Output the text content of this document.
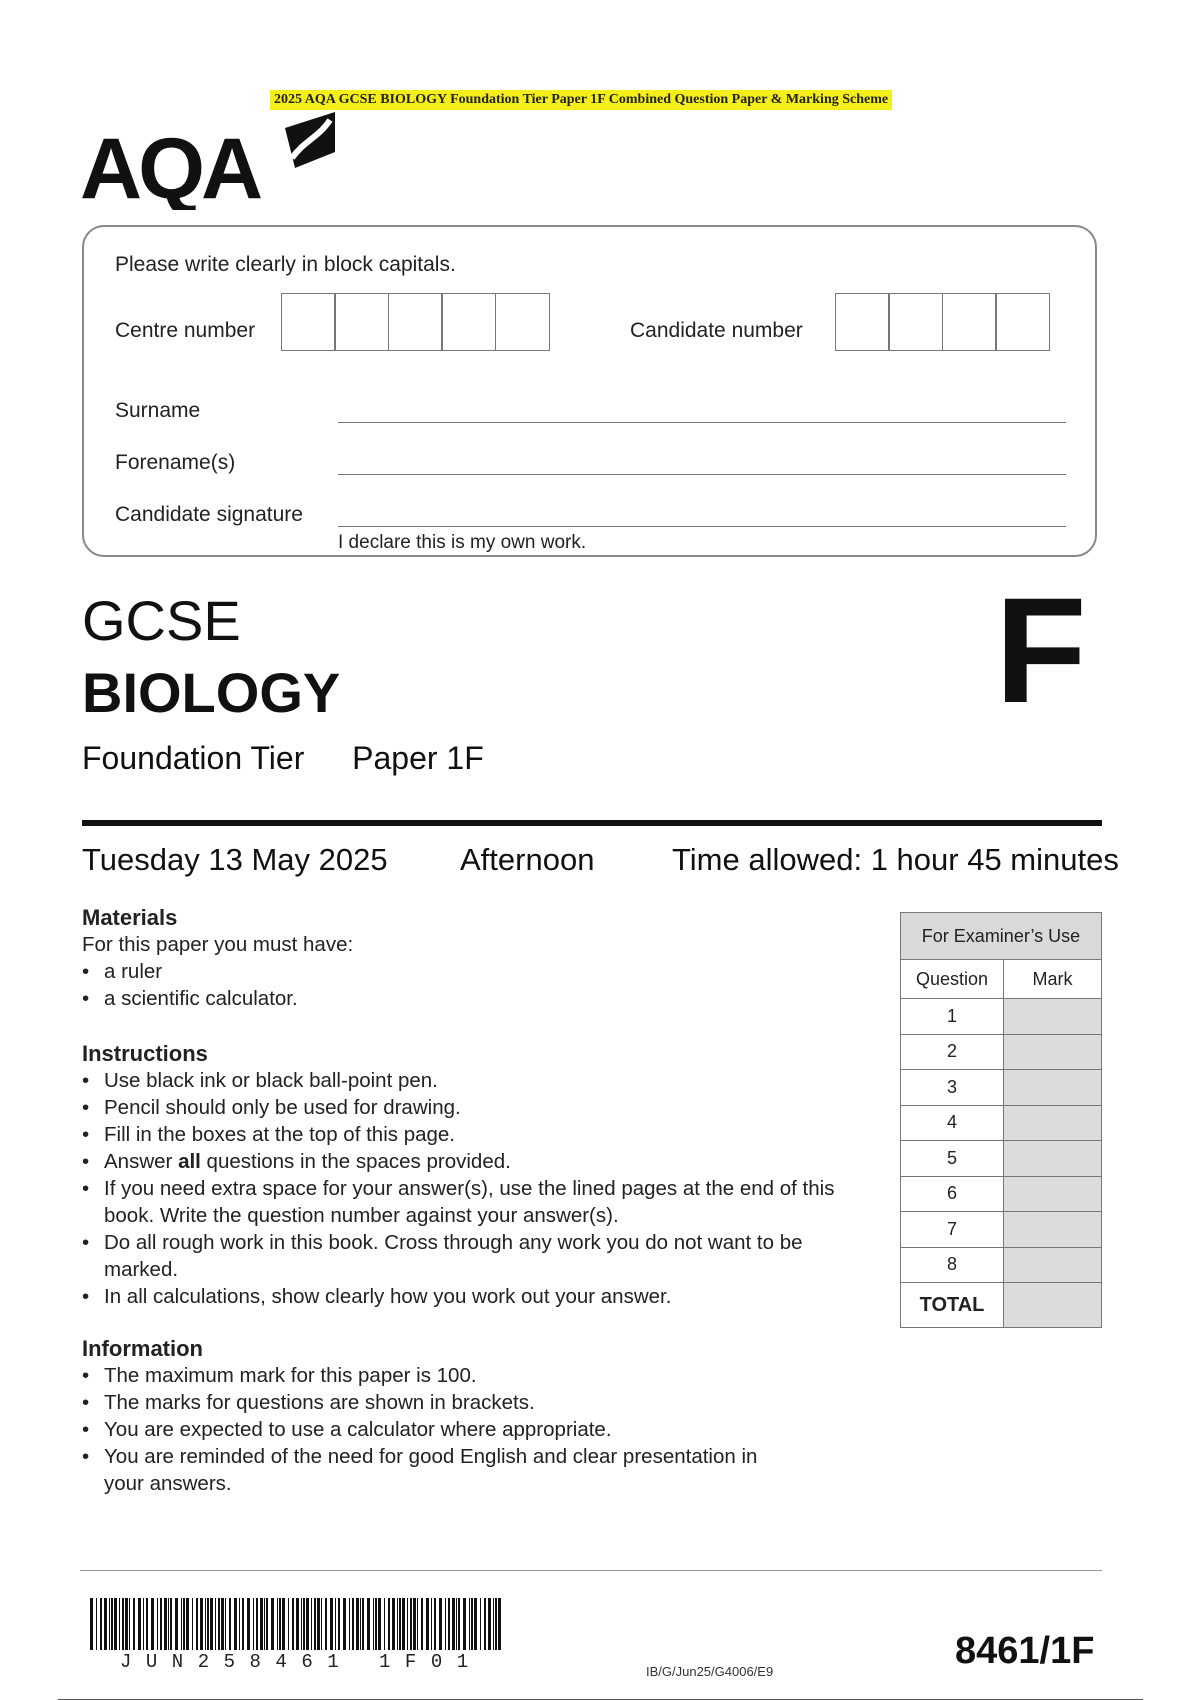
2025 AQA GCSE BIOLOGY Foundation Tier Paper 1F Combined Question Paper & Marking Scheme
AQA
Please write clearly in block capitals.
Centre number	Candidate number
Surname
Forename(s)
Candidate signature
I declare this is my own work.
GCSE
BIOLOGY
Foundation Tier Paper 1F
F
Tuesday 13 May 2025 Afternoon	Time allowed: 1 hour 45 minutes
Materials
For this paper you must have:
• a ruler
• a scientific calculator.
Instructions
• Use black ink or black ball-point pen.
• Pencil should only be used for drawing.
• Fill in the boxes at the top of this page.
• Answer all questions in the spaces provided.
• If you need extra space for your answer(s), use the lined pages at the end of this book. Write the question number against your answer(s).
• Do all rough work in this book. Cross through any work you do not want to be marked.
• In all calculations, show clearly how you work out your answer.
Information
• The maximum mark for this paper is 100.
• The marks for questions are shown in brackets.
• You are expected to use a calculator where appropriate.
• You are reminded of the need for good English and clear presentation in your answers.
For Examiner’s Use	
Question	Mark
1	
2	
3	
4	
5	
6	
7	
8	
TOTAL	
JUN258461 1F01	IB/G/Jun25/G4006/E9	8461/1F
